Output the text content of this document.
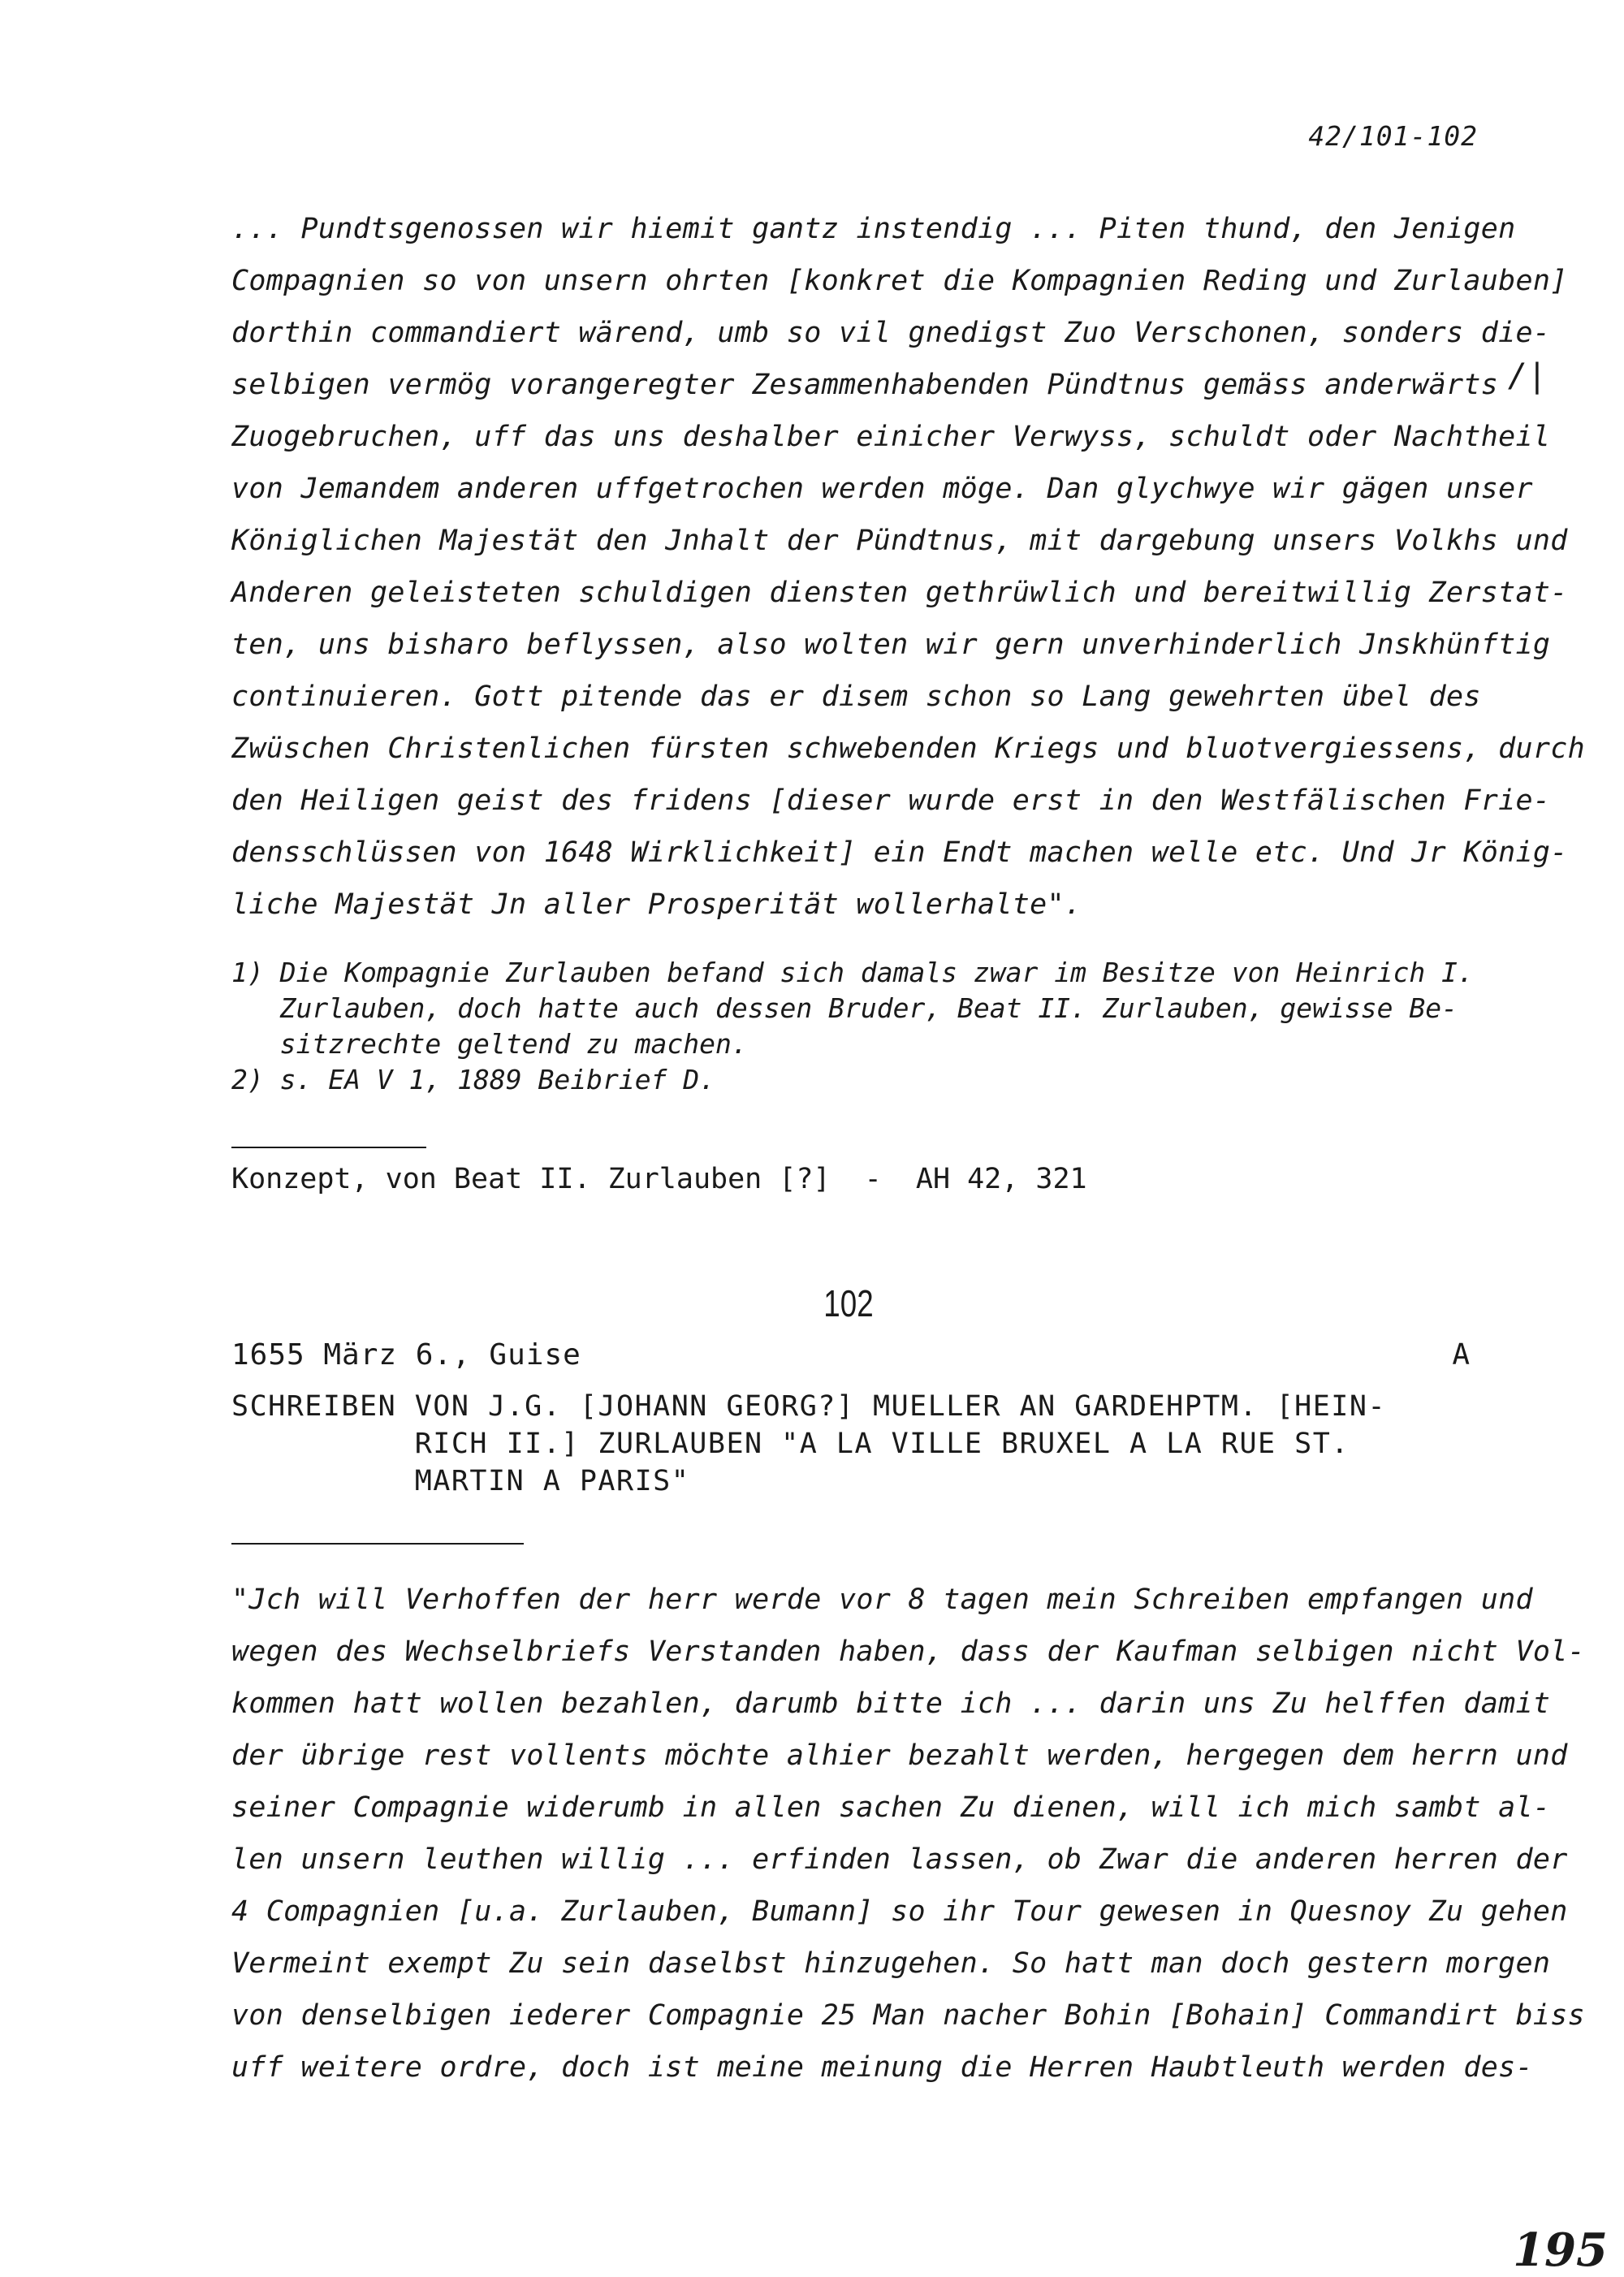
42/101-102
/|
... Pundtsgenossen wir hiemit gantz instendig ... Piten thund, den Jenigen
Compagnien so von unsern ohrten [konkret die Kompagnien Reding und Zurlauben]
dorthin commandiert wärend, umb so vil gnedigst Zuo Verschonen, sonders die-
selbigen vermög vorangeregter Zesammenhabenden Pündtnus gemäss anderwärts
Zuogebruchen, uff das uns deshalber einicher Verwyss, schuldt oder Nachtheil
von Jemandem anderen uffgetrochen werden möge. Dan glychwye wir gägen unser
Königlichen Majestät den Jnhalt der Pündtnus, mit dargebung unsers Volkhs und
Anderen geleisteten schuldigen diensten gethrüwlich und bereitwillig Zerstat-
ten, uns bisharo beflyssen, also wolten wir gern unverhinderlich Jnskhünftig
continuieren. Gott pitende das er disem schon so Lang gewehrten übel des
Zwüschen Christenlichen fürsten schwebenden Kriegs und bluotvergiessens, durch
den Heiligen geist des fridens [dieser wurde erst in den Westfälischen Frie-
densschlüssen von 1648 Wirklichkeit] ein Endt machen welle etc. Und Jr König-
liche Majestät Jn aller Prosperität wollerhalte".
1) Die Kompagnie Zurlauben befand sich damals zwar im Besitze von Heinrich I.
Zurlauben, doch hatte auch dessen Bruder, Beat II. Zurlauben, gewisse Be-
sitzrechte geltend zu machen.
2) s. EA V 1, 1889 Beibrief D.
Konzept, von Beat II. Zurlauben [?]  -  AH 42, 321
102
1655 März 6., Guise	A
SCHREIBEN VON J.G. [JOHANN GEORG?] MUELLER AN GARDEHPTM. [HEIN-
RICH II.] ZURLAUBEN "A LA VILLE BRUXEL A LA RUE ST.
MARTIN A PARIS"
"Jch will Verhoffen der herr werde vor 8 tagen mein Schreiben empfangen und
wegen des Wechselbriefs Verstanden haben, dass der Kaufman selbigen nicht Vol-
kommen hatt wollen bezahlen, darumb bitte ich ... darin uns Zu helffen damit
der übrige rest vollents möchte alhier bezahlt werden, hergegen dem herrn und
seiner Compagnie widerumb in allen sachen Zu dienen, will ich mich sambt al-
len unsern leuthen willig ... erfinden lassen, ob Zwar die anderen herren der
4 Compagnien [u.a. Zurlauben, Bumann] so ihr Tour gewesen in Quesnoy Zu gehen
Vermeint exempt Zu sein daselbst hinzugehen. So hatt man doch gestern morgen
von denselbigen iederer Compagnie 25 Man nacher Bohin [Bohain] Commandirt biss
uff weitere ordre, doch ist meine meinung die Herren Haubtleuth werden des-
195
